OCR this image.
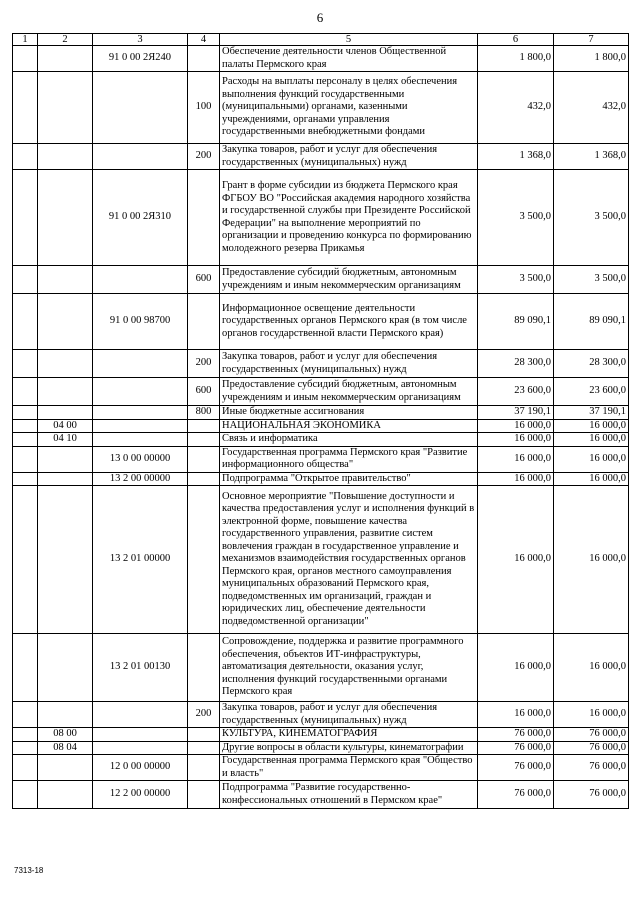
6
1	2	3	4	5	6	7
		91 0 00 2Я240		Обеспечение деятельности членов Общественной палаты Пермского края	1 800,0	1 800,0
			100	Расходы на выплаты персоналу в целях обеспечения выполнения функций государственными (муниципальными) органами, казенными учреждениями, органами управления государственными внебюджетными фондами	432,0	432,0
			200	Закупка товаров, работ и услуг для обеспечения государственных (муниципальных) нужд	1 368,0	1 368,0
		91 0 00 2Я310		Грант в форме субсидии из бюджета Пермского края ФГБОУ ВО "Российская академия народного хозяйства и государственной службы при Президенте Российской Федерации" на выполнение мероприятий по организации и проведению конкурса по формированию молодежного резерва Прикамья	3 500,0	3 500,0
			600	Предоставление субсидий бюджетным, автономным учреждениям и иным некоммерческим организациям	3 500,0	3 500,0
		91 0 00 98700		Информационное освещение деятельности государственных органов Пермского края (в том числе органов государственной власти Пермского края)	89 090,1	89 090,1
			200	Закупка товаров, работ и услуг для обеспечения государственных (муниципальных) нужд	28 300,0	28 300,0
			600	Предоставление субсидий бюджетным, автономным учреждениям и иным некоммерческим организациям	23 600,0	23 600,0
			800	Иные бюджетные ассигнования	37 190,1	37 190,1
	04 00			НАЦИОНАЛЬНАЯ ЭКОНОМИКА	16 000,0	16 000,0
	04 10			Связь и информатика	16 000,0	16 000,0
		13 0 00 00000		Государственная программа Пермского края "Развитие информационного общества"	16 000,0	16 000,0
		13 2 00 00000		Подпрограмма "Открытое правительство"	16 000,0	16 000,0
		13 2 01 00000		Основное мероприятие "Повышение доступности и качества предоставления услуг и исполнения функций в электронной форме, повышение качества государственного управления, развитие систем вовлечения граждан в государственное управление и механизмов взаимодействия государственных органов Пермского края, органов местного самоуправления муниципальных образований Пермского края, подведомственных им организаций, граждан и юридических лиц, обеспечение деятельности подведомственной организации"	16 000,0	16 000,0
		13 2 01 00130		Сопровождение, поддержка и развитие программного обеспечения, объектов ИТ-инфраструктуры, автоматизация деятельности, оказания услуг, исполнения функций государственными органами Пермского края	16 000,0	16 000,0
			200	Закупка товаров, работ и услуг для обеспечения государственных (муниципальных) нужд	16 000,0	16 000,0
	08 00			КУЛЬТУРА, КИНЕМАТОГРАФИЯ	76 000,0	76 000,0
	08 04			Другие вопросы в области культуры, кинематографии	76 000,0	76 000,0
		12 0 00 00000		Государственная программа Пермского края "Общество и власть"	76 000,0	76 000,0
		12 2 00 00000		Подпрограмма "Развитие государственно-конфессиональных отношений в Пермском крае"	76 000,0	76 000,0
7313-18
